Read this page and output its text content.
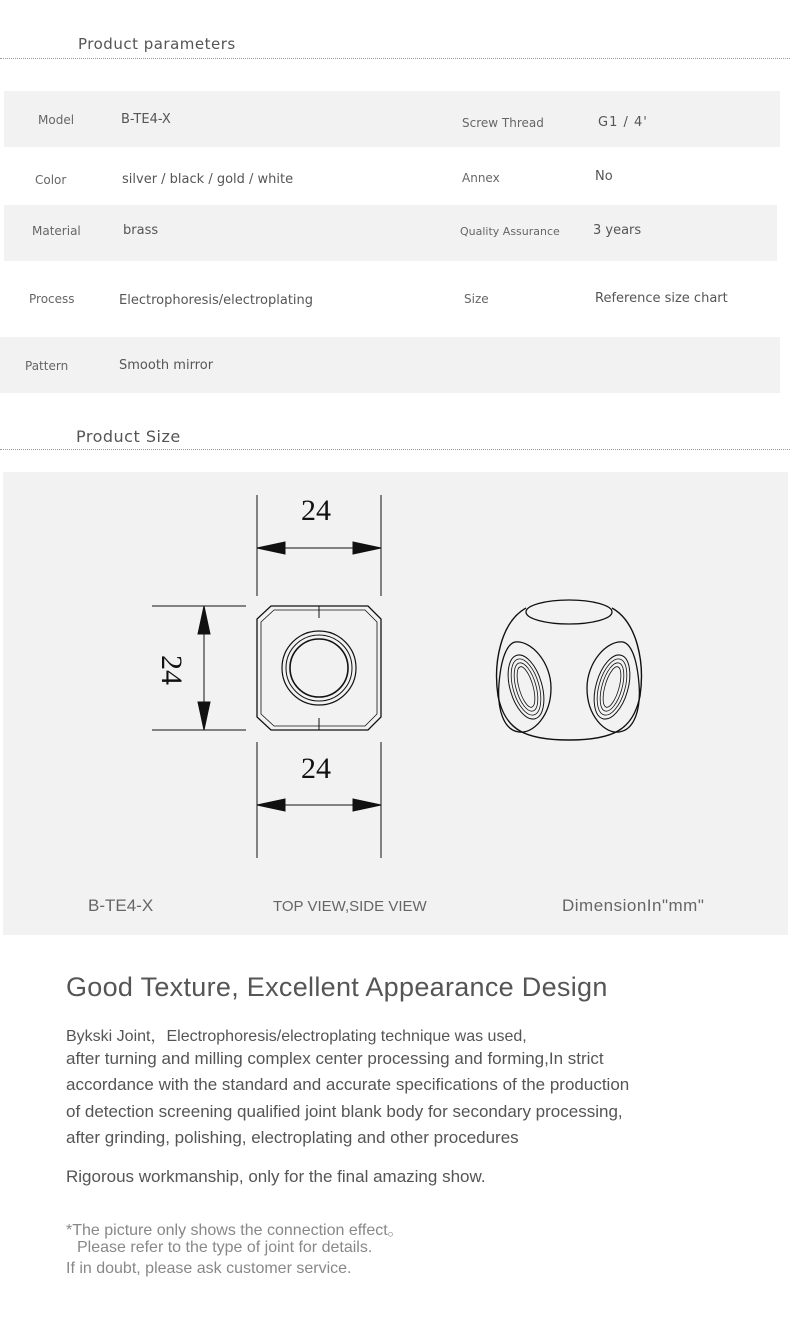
Product parameters
Model	B-TE4-X	Screw Thread	G1 / 4'
Color	silver / black / gold / white	Annex	No
Material	brass	Quality Assurance	3 years
Process	Electrophoresis/electroplating	Size	Reference size chart
Pattern	Smooth mirror
Product Size
24
24
24
B-TE4-X	TOP VIEW,SIDE VIEW	DimensionIn"mm"
Good Texture, Excellent Appearance Design
Bykski Joint，Electrophoresis/electroplating technique was used,
after turning and milling complex center processing and forming,In strict
accordance with the standard and accurate specifications of the production
of detection screening qualified joint blank body for secondary processing,
after grinding, polishing, electroplating and other procedures
Rigorous workmanship, only for the final amazing show.
*The picture only shows the connection effect。
Please refer to the type of joint for details.
If in doubt, please ask customer service.
